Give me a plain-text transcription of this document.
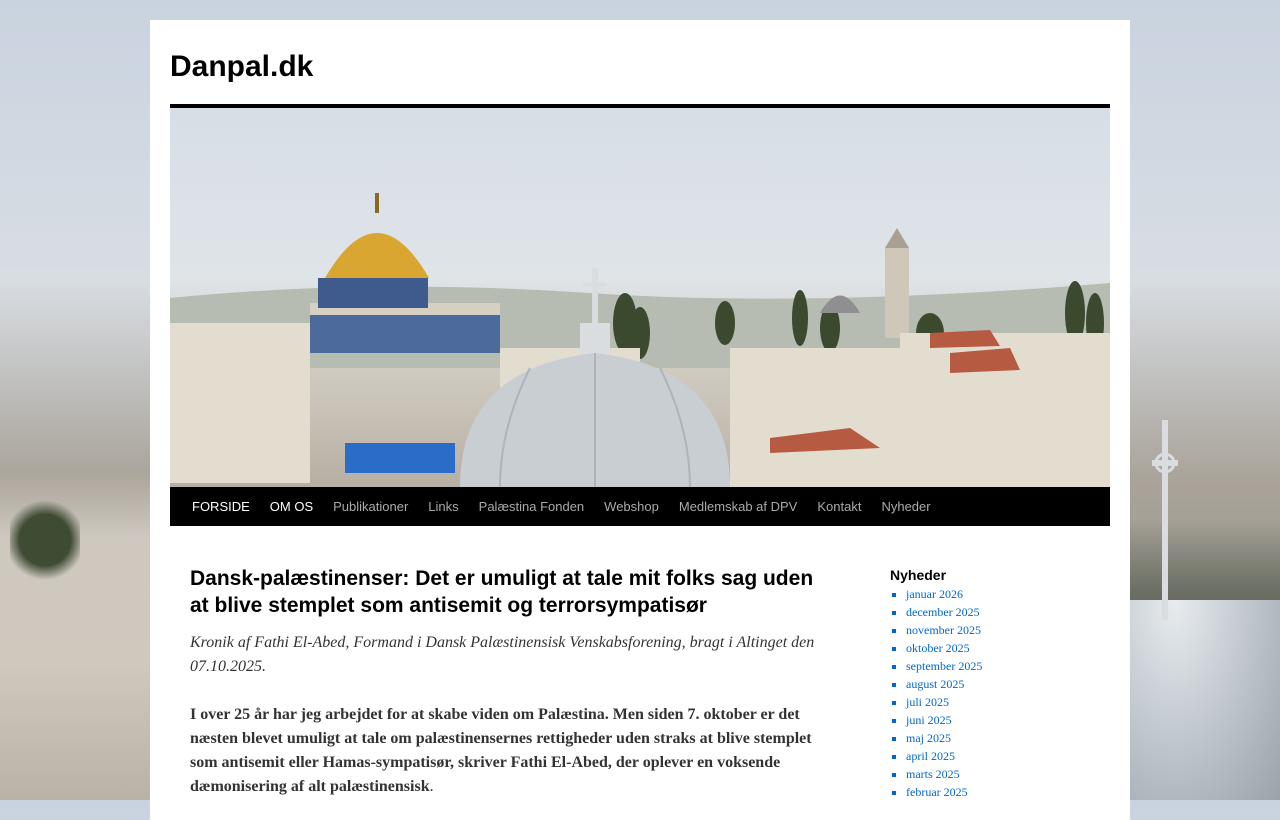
Danpal.dk
FORSIDE	OM OS	Publikationer	Links	Palæstina Fonden	Webshop	Medlemskab af DPV	Kontakt	Nyheder
Dansk-palæstinenser: Det er umuligt at tale mit folks sag uden at blive stemplet som antisemit og terrorsympatisør
Kronik af Fathi El-Abed, Formand i Dansk Palæstinensisk Venskabsforening, bragt i Altinget den 07.10.2025.
I over 25 år har jeg arbejdet for at skabe viden om Palæstina. Men siden 7. oktober er det næsten blevet umuligt at tale om palæstinensernes rettigheder uden straks at blive stemplet som antisemit eller Hamas-sympatisør, skriver Fathi El-Abed, der oplever en voksende dæmonisering af alt palæstinensisk.
Nyheder
▪ januar 2026
▪ december 2025
▪ november 2025
▪ oktober 2025
▪ september 2025
▪ august 2025
▪ juli 2025
▪ juni 2025
▪ maj 2025
▪ april 2025
▪ marts 2025
▪ februar 2025
